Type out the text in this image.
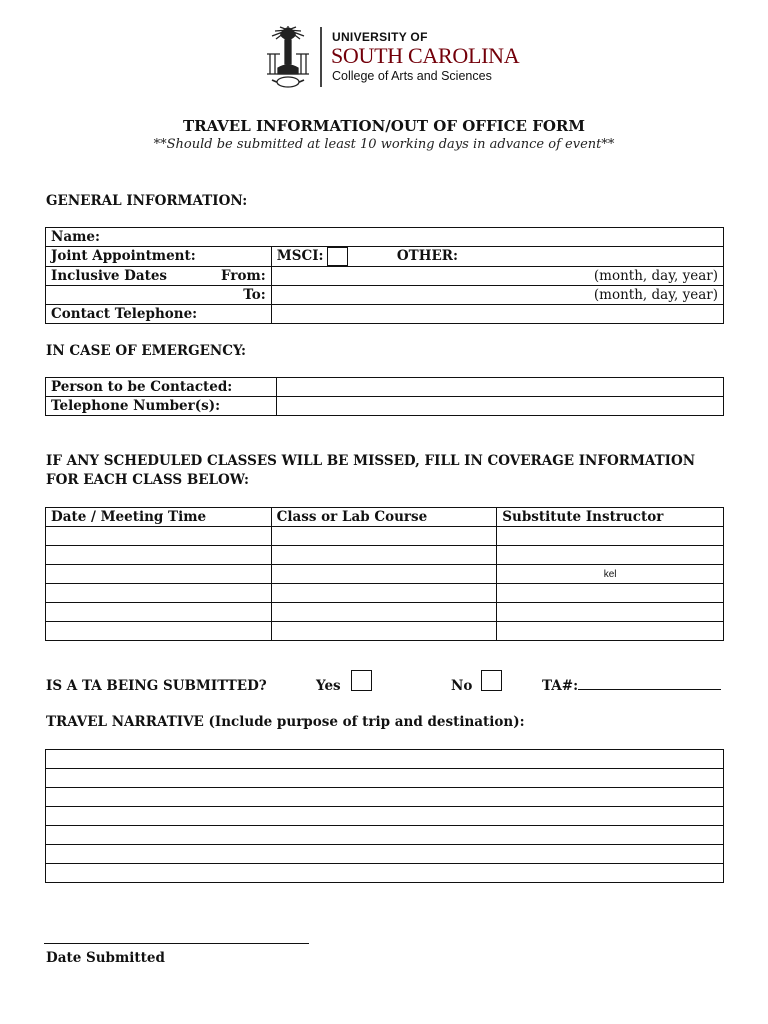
UNIVERSITY OF
SOUTH CAROLINA
College of Arts and Sciences
TRAVEL INFORMATION/OUT OF OFFICE FORM
**Should be submitted at least 10 working days in advance of event**
GENERAL INFORMATION:
Name:	
Joint Appointment:	MSCI: OTHER:
Inclusive Dates From:	(month, day, year)
To:	(month, day, year)
Contact Telephone:	
IN CASE OF EMERGENCY:
Person to be Contacted:	
Telephone Number(s):	
IF ANY SCHEDULED CLASSES WILL BE MISSED, FILL IN COVERAGE INFORMATION
FOR EACH CLASS BELOW:
Date / Meeting Time	Class or Lab Course	Substitute Instructor

		kel

IS A TA BEING SUBMITTED?	Yes	No	TA#:
TRAVEL NARRATIVE (Include purpose of trip and destination):

Date Submitted
